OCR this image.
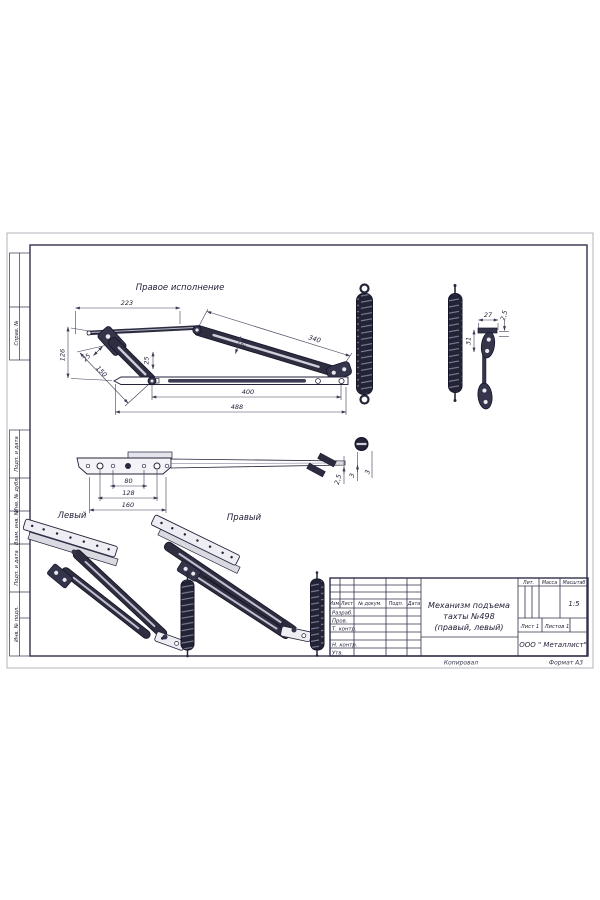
Справ. №
Подп. и дата
Инв. № дубл.
Взам. инв. №
Подп. и дата
Инв. № подл.
Правое исполнение
223
340
25
126 25
150
25
400
488
27 2,5
31
80
128
160
2,5 3
3
Левый	Правый
Изм. Лист № докум. Подп. Дата
Разраб.
Пров.
Т. контр.
Н. контр.
Утв.
Механизм подъема
тахты №498
(правый, левый)
Лит. Масса Масштаб
1:5
Лист 1 Листов 1
ООО " Металлист"
Копировал	Формат А3
